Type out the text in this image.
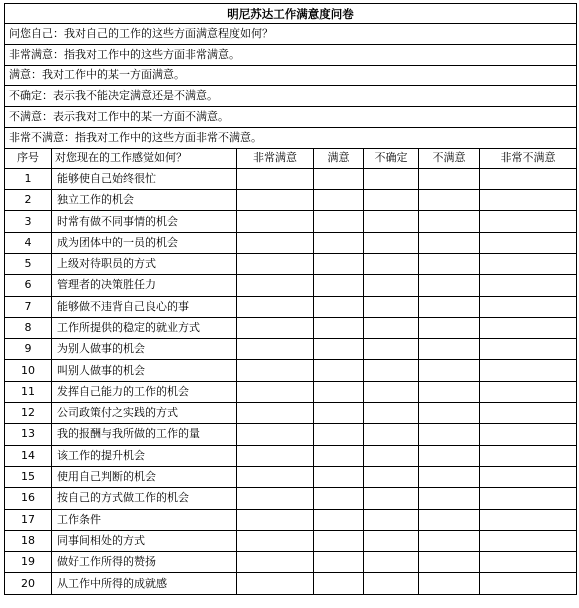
明尼苏达工作满意度问卷						
问您自己：我对自己的工作的这些方面满意程度如何？						
非常满意：指我对工作中的这些方面非常满意。						
满意：我对工作中的某一方面满意。						
不确定：表示我不能决定满意还是不满意。						
不满意：表示我对工作中的某一方面不满意。						
非常不满意：指我对工作中的这些方面非常不满意。						
序号	对您现在的工作感觉如何？	非常满意	满意	不确定	不满意	非常不满意
1	能够使自己始终很忙					
2	独立工作的机会					
3	时常有做不同事情的机会					
4	成为团体中的一员的机会					
5	上级对待职员的方式					
6	管理者的决策胜任力					
7	能够做不违背自己良心的事					
8	工作所提供的稳定的就业方式					
9	为别人做事的机会					
10	叫别人做事的机会					
11	发挥自己能力的工作的机会					
12	公司政策付之实践的方式					
13	我的报酬与我所做的工作的量					
14	该工作的提升机会					
15	使用自己判断的机会					
16	按自己的方式做工作的机会					
17	工作条件					
18	同事间相处的方式					
19	做好工作所得的赞扬					
20	从工作中所得的成就感					
